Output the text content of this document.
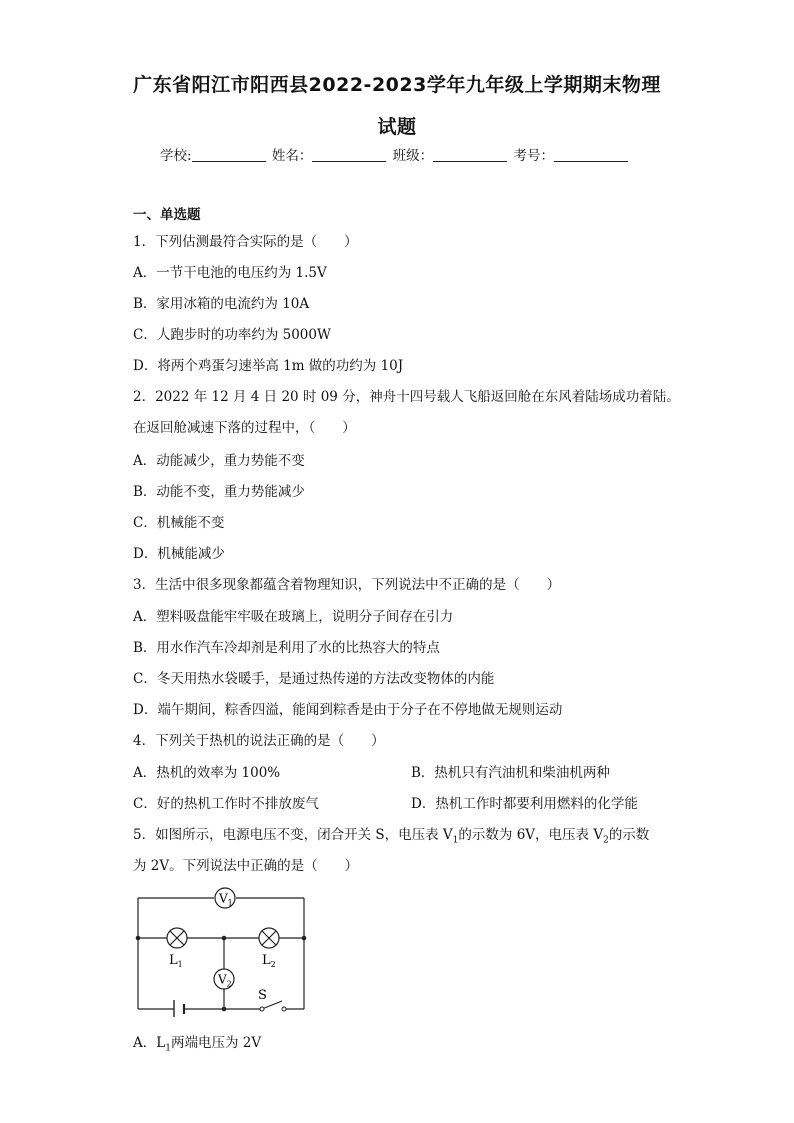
广东省阳江市阳西县2022-2023学年九年级上学期期末物理
试题
学校:	姓名：	班级：	考号：
一、单选题
1．下列估测最符合实际的是（　　）
A．一节干电池的电压约为 1.5V
B．家用冰箱的电流约为 10A
C．人跑步时的功率约为 5000W
D．将两个鸡蛋匀速举高 1m 做的功约为 10J
2．2022 年 12 月 4 日 20 时 09 分，神舟十四号载人飞船返回舱在东风着陆场成功着陆。
在返回舱减速下落的过程中，（　　）
A．动能减少，重力势能不变
B．动能不变，重力势能减少
C．机械能不变
D．机械能减少
3．生活中很多现象都蕴含着物理知识，下列说法中不正确的是（　　）
A．塑料吸盘能牢牢吸在玻璃上，说明分子间存在引力
B．用水作汽车冷却剂是利用了水的比热容大的特点
C．冬天用热水袋暖手，是通过热传递的方法改变物体的内能
D．端午期间，粽香四溢，能闻到粽香是由于分子在不停地做无规则运动
4．下列关于热机的说法正确的是（　　）
A．热机的效率为 100%	B．热机只有汽油机和柴油机两种
C．好的热机工作时不排放废气	D．热机工作时都要利用燃料的化学能
5．如图所示，电源电压不变，闭合开关 S，电压表 $V_1$的示数为 6V，电压表 $V_2$的示数
为 2V。下列说法中正确的是（　　）
$V_1$
$V_2$
$L_1$	$L_2$
S
A．$L_1$两端电压为 2V
